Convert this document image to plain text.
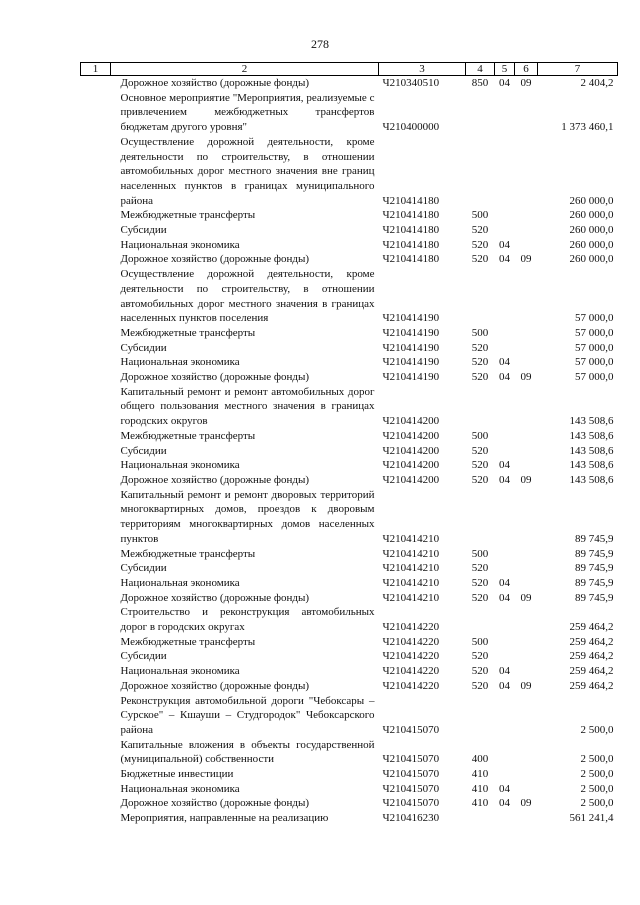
278
1	2	3	4	5	6	7
	Дорожное хозяйство (дорожные фонды)	Ч210340510	850	04	09	2 404,2
	Основное мероприятие "Мероприятия, реализуемые с привлечением межбюджетных трансфертов бюджетам другого уровня"	Ч210400000				1 373 460,1
	Осуществление дорожной деятельности, кроме деятельности по строительству, в отношении автомобильных дорог местного значения вне границ населенных пунктов в границах муниципального района	Ч210414180				260 000,0
	Межбюджетные трансферты	Ч210414180	500			260 000,0
	Субсидии	Ч210414180	520			260 000,0
	Национальная экономика	Ч210414180	520	04		260 000,0
	Дорожное хозяйство (дорожные фонды)	Ч210414180	520	04	09	260 000,0
	Осуществление дорожной деятельности, кроме деятельности по строительству, в отношении автомобильных дорог местного значения в границах населенных пунктов поселения	Ч210414190				57 000,0
	Межбюджетные трансферты	Ч210414190	500			57 000,0
	Субсидии	Ч210414190	520			57 000,0
	Национальная экономика	Ч210414190	520	04		57 000,0
	Дорожное хозяйство (дорожные фонды)	Ч210414190	520	04	09	57 000,0
	Капитальный ремонт и ремонт автомобильных дорог общего пользования местного значения в границах городских округов	Ч210414200				143 508,6
	Межбюджетные трансферты	Ч210414200	500			143 508,6
	Субсидии	Ч210414200	520			143 508,6
	Национальная экономика	Ч210414200	520	04		143 508,6
	Дорожное хозяйство (дорожные фонды)	Ч210414200	520	04	09	143 508,6
	Капитальный ремонт и ремонт дворовых территорий многоквартирных домов, проездов к дворовым территориям многоквартирных домов населенных пунктов	Ч210414210				89 745,9
	Межбюджетные трансферты	Ч210414210	500			89 745,9
	Субсидии	Ч210414210	520			89 745,9
	Национальная экономика	Ч210414210	520	04		89 745,9
	Дорожное хозяйство (дорожные фонды)	Ч210414210	520	04	09	89 745,9
	Строительство и реконструкция автомобильных дорог в городских округах	Ч210414220				259 464,2
	Межбюджетные трансферты	Ч210414220	500			259 464,2
	Субсидии	Ч210414220	520			259 464,2
	Национальная экономика	Ч210414220	520	04		259 464,2
	Дорожное хозяйство (дорожные фонды)	Ч210414220	520	04	09	259 464,2
	Реконструкция автомобильной дороги "Чебоксары – Сурское" – Кшауши – Студгородок" Чебоксарского района	Ч210415070				2 500,0
	Капитальные вложения в объекты государственной (муниципальной) собственности	Ч210415070	400			2 500,0
	Бюджетные инвестиции	Ч210415070	410			2 500,0
	Национальная экономика	Ч210415070	410	04		2 500,0
	Дорожное хозяйство (дорожные фонды)	Ч210415070	410	04	09	2 500,0
	Мероприятия, направленные на реализацию	Ч210416230				561 241,4
